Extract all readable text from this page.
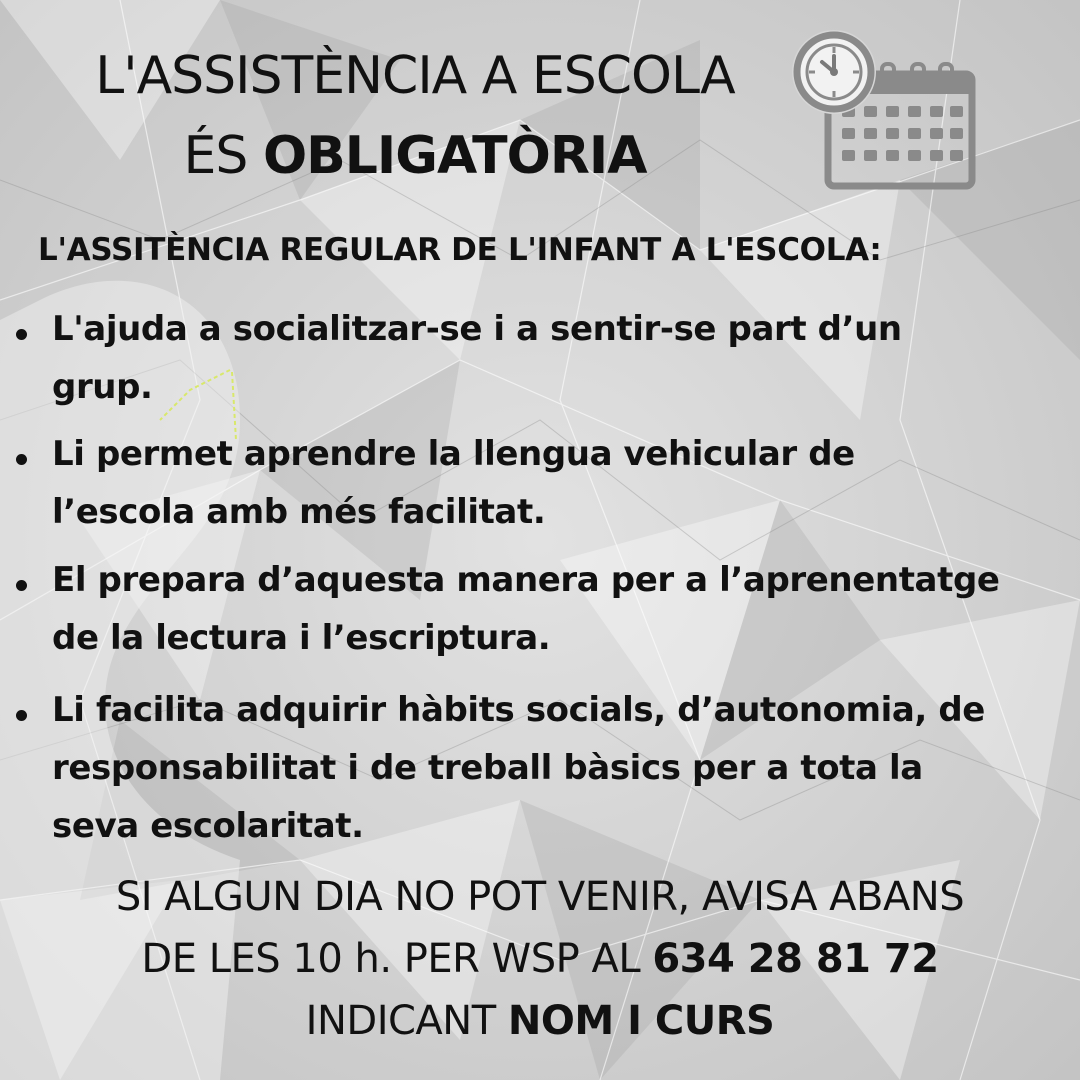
L'ASSISTÈNCIA A ESCOLA
ÉS OBLIGATÒRIA
L'ASSITÈNCIA REGULAR DE L'INFANT A L'ESCOLA:
L'ajuda a socialitzar-se i a sentir-se part d’un
grup.
Li permet aprendre la llengua vehicular de
l’escola amb més facilitat.
El prepara d’aquesta manera per a l’aprenentatge
de la lectura i l’escriptura.
Li facilita adquirir hàbits socials, d’autonomia, de
responsabilitat i de treball bàsics per a tota la
seva escolaritat.
SI ALGUN DIA NO POT VENIR, AVISA ABANS
DE LES 10 h. PER WSP AL 634 28 81 72
INDICANT NOM I CURS
